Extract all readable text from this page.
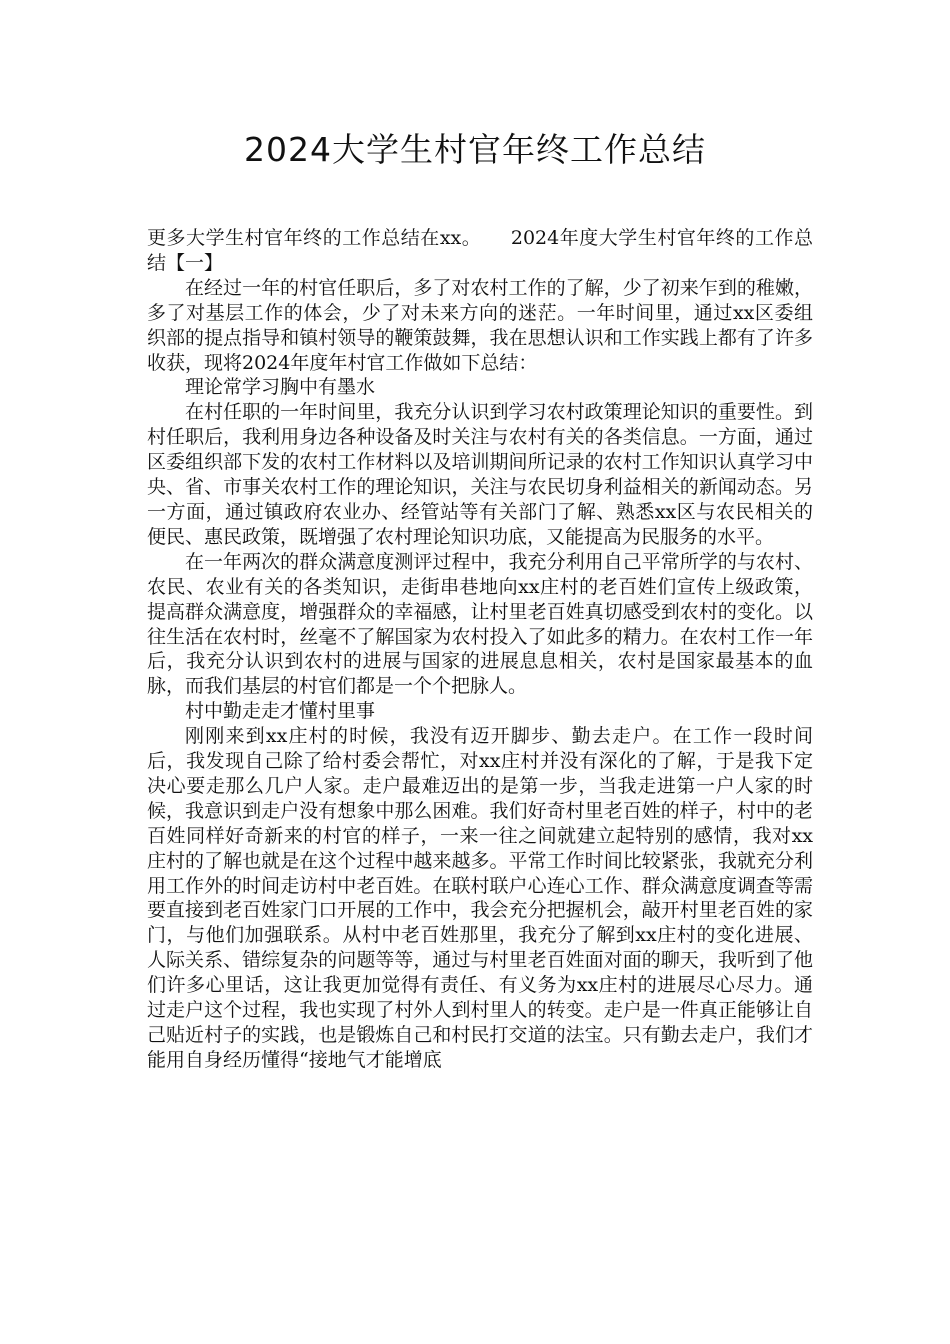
2024大学生村官年终工作总结

更多大学生村官年终的工作总结在xx。　　2024年度大学生村官年终的工作总结【一】

在经过一年的村官任职后，多了对农村工作的了解，少了初来乍到的稚嫩，多了对基层工作的体会，少了对未来方向的迷茫。一年时间里，通过xx区委组织部的提点指导和镇村领导的鞭策鼓舞，我在思想认识和工作实践上都有了许多收获，现将2024年度年村官工作做如下总结：

理论常学习胸中有墨水

在村任职的一年时间里，我充分认识到学习农村政策理论知识的重要性。到村任职后，我利用身边各种设备及时关注与农村有关的各类信息。一方面，通过区委组织部下发的农村工作材料以及培训期间所记录的农村工作知识认真学习中央、省、市事关农村工作的理论知识，关注与农民切身利益相关的新闻动态。另一方面，通过镇政府农业办、经管站等有关部门了解、熟悉xx区与农民相关的便民、惠民政策，既增强了农村理论知识功底，又能提高为民服务的水平。

在一年两次的群众满意度测评过程中，我充分利用自己平常所学的与农村、农民、农业有关的各类知识，走街串巷地向xx庄村的老百姓们宣传上级政策，提高群众满意度，增强群众的幸福感，让村里老百姓真切感受到农村的变化。以往生活在农村时，丝毫不了解国家为农村投入了如此多的精力。在农村工作一年后，我充分认识到农村的进展与国家的进展息息相关，农村是国家最基本的血脉，而我们基层的村官们都是一个个把脉人。

村中勤走走才懂村里事

刚刚来到xx庄村的时候，我没有迈开脚步、勤去走户。在工作一段时间后，我发现自己除了给村委会帮忙，对xx庄村并没有深化的了解，于是我下定决心要走那么几户人家。走户最难迈出的是第一步，当我走进第一户人家的时候，我意识到走户没有想象中那么困难。我们好奇村里老百姓的样子，村中的老百姓同样好奇新来的村官的样子，一来一往之间就建立起特别的感情，我对xx庄村的了解也就是在这个过程中越来越多。平常工作时间比较紧张，我就充分利用工作外的时间走访村中老百姓。在联村联户心连心工作、群众满意度调查等需要直接到老百姓家门口开展的工作中，我会充分把握机会，敲开村里老百姓的家门，与他们加强联系。从村中老百姓那里，我充分了解到xx庄村的变化进展、人际关系、错综复杂的问题等等，通过与村里老百姓面对面的聊天，我听到了他们许多心里话，这让我更加觉得有责任、有义务为xx庄村的进展尽心尽力。通过走户这个过程，我也实现了村外人到村里人的转变。走户是一件真正能够让自己贴近村子的实践，也是锻炼自己和村民打交道的法宝。只有勤去走户，我们才能用自身经历懂得“接地气才能增底
